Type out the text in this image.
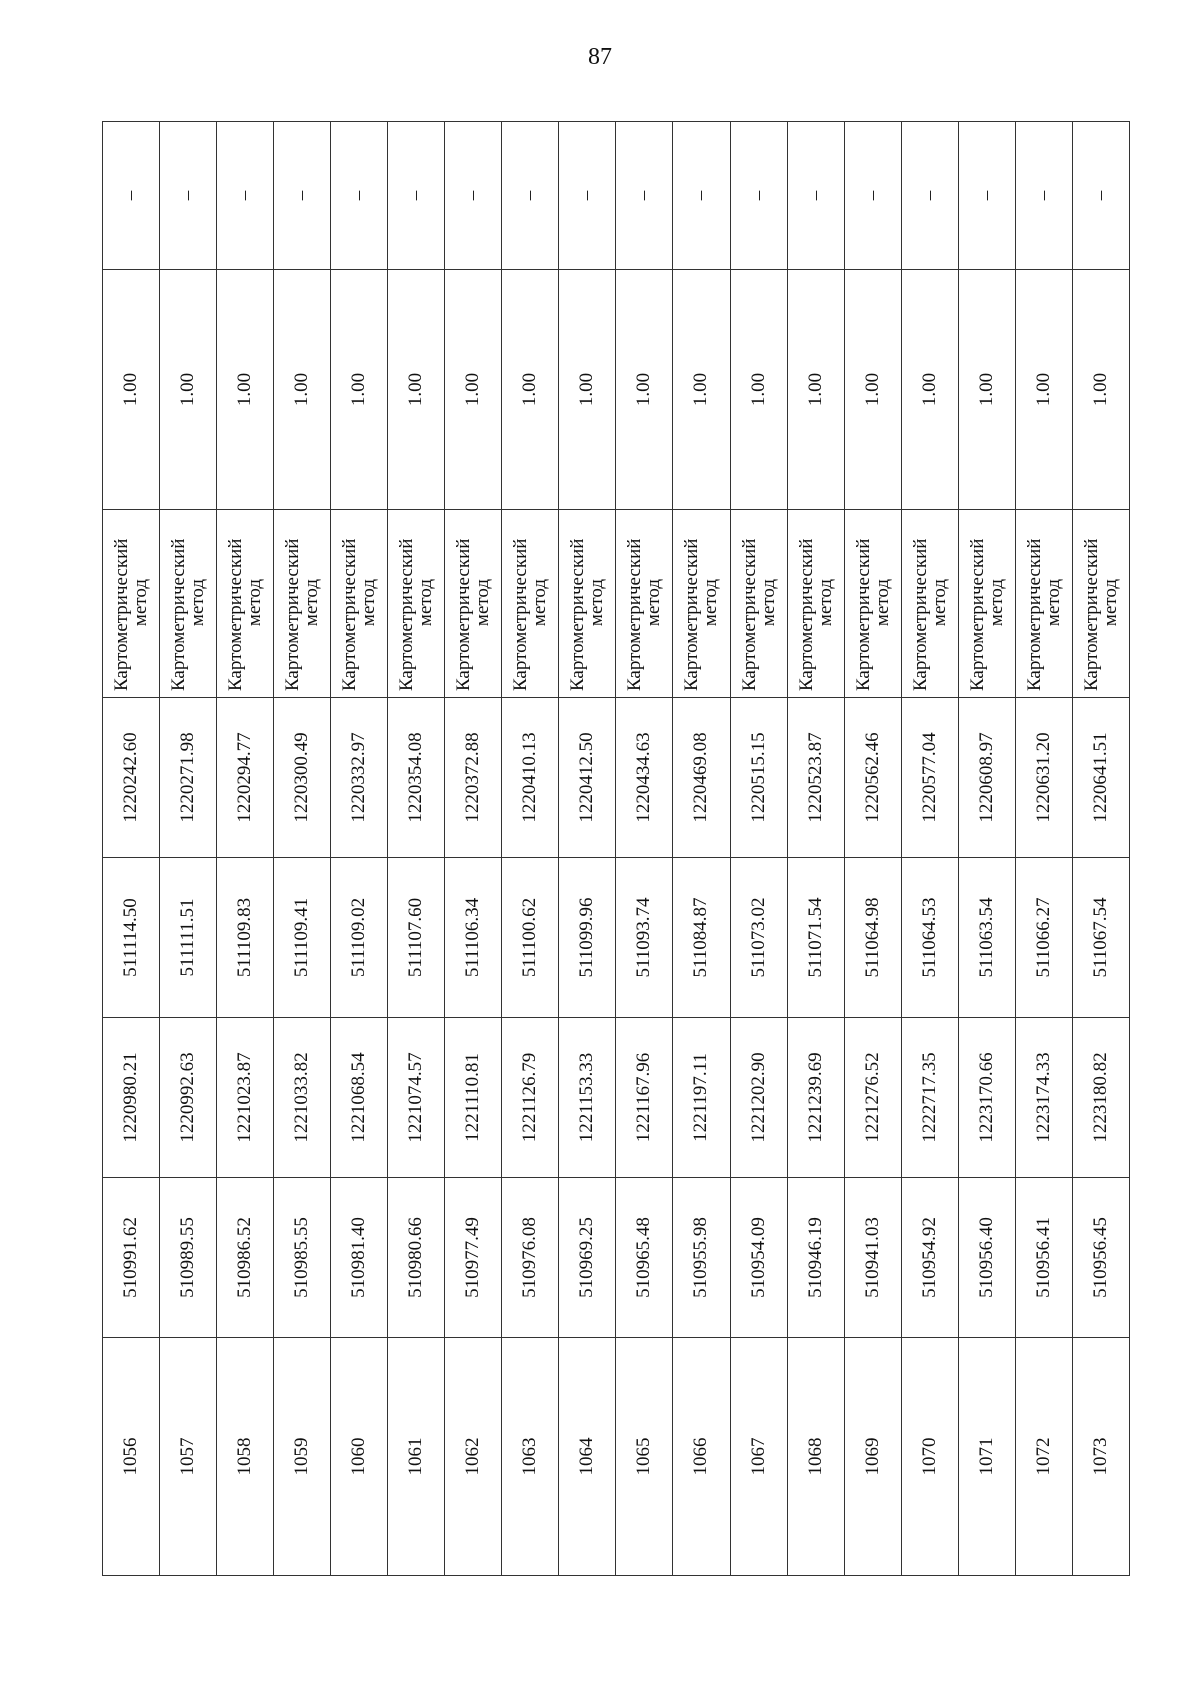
87
1056	510991.62	1220980.21	511114.50	1220242.60	Картометрический
метод	1.00	–
1057	510989.55	1220992.63	511111.51	1220271.98	Картометрический
метод	1.00	–
1058	510986.52	1221023.87	511109.83	1220294.77	Картометрический
метод	1.00	–
1059	510985.55	1221033.82	511109.41	1220300.49	Картометрический
метод	1.00	–
1060	510981.40	1221068.54	511109.02	1220332.97	Картометрический
метод	1.00	–
1061	510980.66	1221074.57	511107.60	1220354.08	Картометрический
метод	1.00	–
1062	510977.49	1221110.81	511106.34	1220372.88	Картометрический
метод	1.00	–
1063	510976.08	1221126.79	511100.62	1220410.13	Картометрический
метод	1.00	–
1064	510969.25	1221153.33	511099.96	1220412.50	Картометрический
метод	1.00	–
1065	510965.48	1221167.96	511093.74	1220434.63	Картометрический
метод	1.00	–
1066	510955.98	1221197.11	511084.87	1220469.08	Картометрический
метод	1.00	–
1067	510954.09	1221202.90	511073.02	1220515.15	Картометрический
метод	1.00	–
1068	510946.19	1221239.69	511071.54	1220523.87	Картометрический
метод	1.00	–
1069	510941.03	1221276.52	511064.98	1220562.46	Картометрический
метод	1.00	–
1070	510954.92	1222717.35	511064.53	1220577.04	Картометрический
метод	1.00	–
1071	510956.40	1223170.66	511063.54	1220608.97	Картометрический
метод	1.00	–
1072	510956.41	1223174.33	511066.27	1220631.20	Картометрический
метод	1.00	–
1073	510956.45	1223180.82	511067.54	1220641.51	Картометрический
метод	1.00	–
